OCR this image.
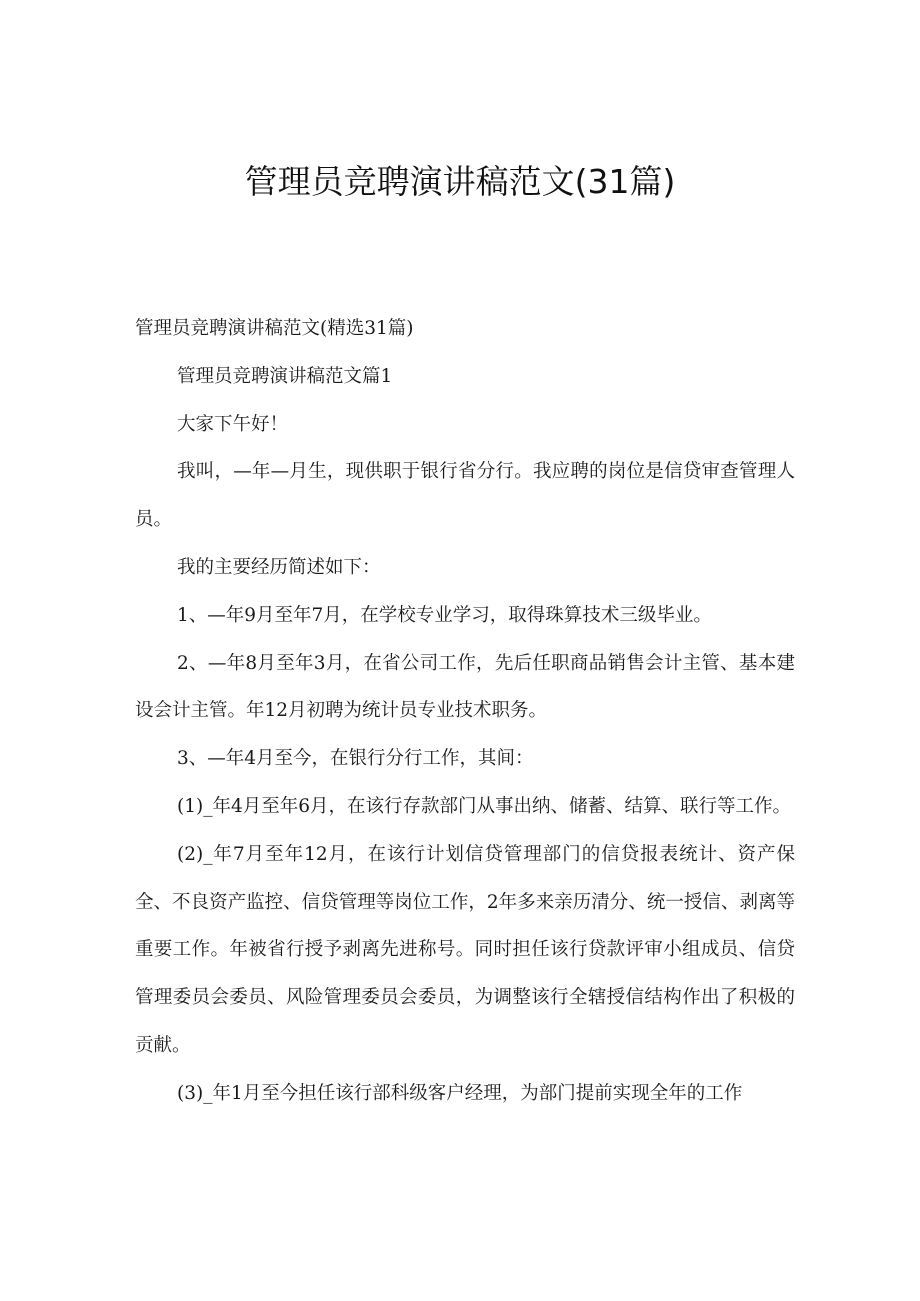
管理员竞聘演讲稿范文(31篇)

管理员竞聘演讲稿范文(精选31篇)

管理员竞聘演讲稿范文篇1

大家下午好！

我叫，—年—月生，现供职于银行省分行。我应聘的岗位是信贷审查管理人员。

我的主要经历简述如下：

1、—年9月至年7月，在学校专业学习，取得珠算技术三级毕业。

2、—年8月至年3月，在省公司工作，先后任职商品销售会计主管、基本建设会计主管。年12月初聘为统计员专业技术职务。

3、—年4月至今，在银行分行工作，其间：

(1)_年4月至年6月，在该行存款部门从事出纳、储蓄、结算、联行等工作。

(2)_年7月至年12月，在该行计划信贷管理部门的信贷报表统计、资产保全、不良资产监控、信贷管理等岗位工作，2年多来亲历清分、统一授信、剥离等重要工作。年被省行授予剥离先进称号。同时担任该行贷款评审小组成员、信贷管理委员会委员、风险管理委员会委员，为调整该行全辖授信结构作出了积极的贡献。

(3)_年1月至今担任该行部科级客户经理，为部门提前实现全年的工作
